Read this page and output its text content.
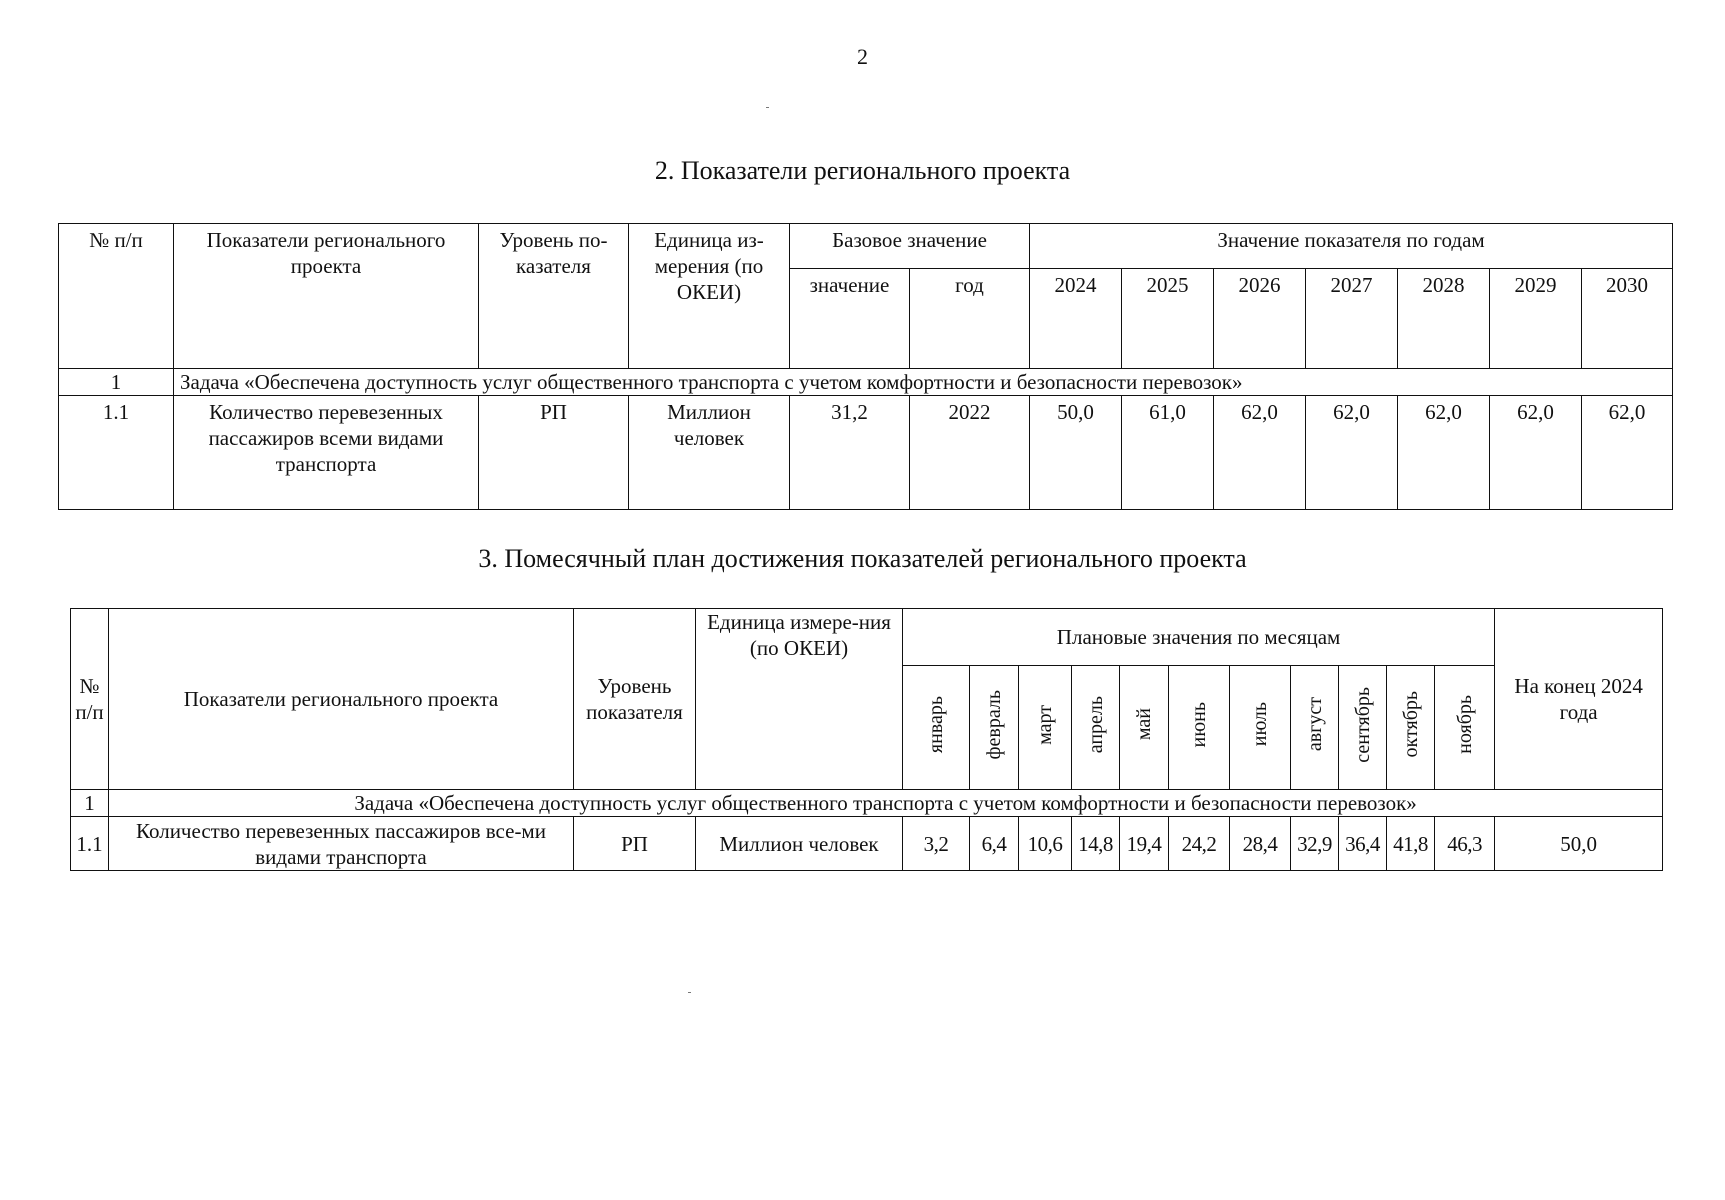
2
2. Показатели регионального проекта
№ п/п	Показатели регионального проекта	Уровень по-казателя	Единица из-мерения (по ОКЕИ)	Базовое значение		Значение показателя по годам						
				значение	год	2024	2025	2026	2027	2028	2029	2030
1	Задача «Обеспечена доступность услуг общественного транспорта с учетом комфортности и безопасности перевозок»											
1.1	Количество перевезенных пассажиров всеми видами транспорта	РП	Миллион человек	31,2	2022	50,0	61,0	62,0	62,0	62,0	62,0	62,0
3. Помесячный план достижения показателей регионального проекта
№ п/п	Показатели регионального проекта	Уровень показателя	Единица измере-ния (по ОКЕИ)	Плановые значения по месяцам											На конец 2024 года
				январь	февраль	март	апрель	май	июнь	июль	август	сентябрь	октябрь	ноябрь	
1	Задача «Обеспечена доступность услуг общественного транспорта с учетом комфортности и безопасности перевозок»														
1.1	Количество перевезенных пассажиров все-ми видами транспорта	РП	Миллион человек	3,2	6,4	10,6	14,8	19,4	24,2	28,4	32,9	36,4	41,8	46,3	50,0
